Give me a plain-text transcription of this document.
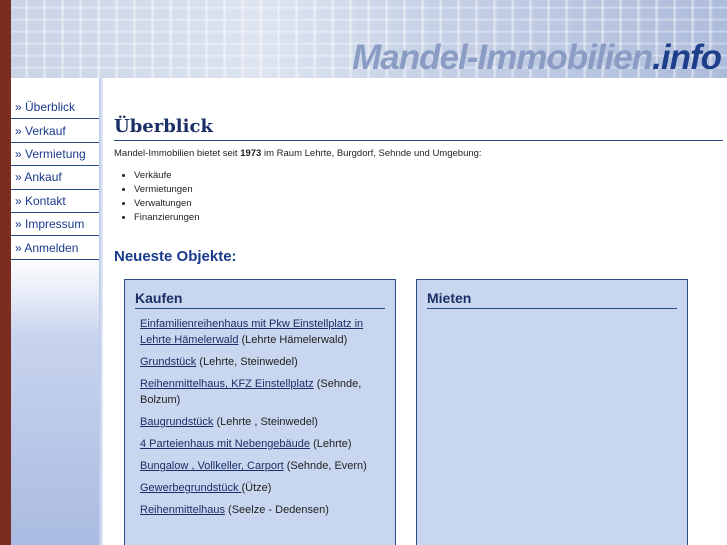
Mandel-Immobilien.info
» Überblick
» Verkauf
» Vermietung
» Ankauf
» Kontakt
» Impressum
» Anmelden
Überblick

Mandel-Immobilien bietet seit 1973 im Raum Lehrte, Burgdorf, Sehnde und Umgebung:

• Verkäufe
• Vermietungen
• Verwaltungen
• Finanzierungen
Neueste Objekte:
Kaufen
Einfamilienreihenhaus mit Pkw Einstellplatz in Lehrte Hämelerwald (Lehrte Hämelerwald)
Grundstück (Lehrte, Steinwedel)
Reihenmittelhaus, KFZ Einstellplatz (Sehnde, Bolzum)
Baugrundstück (Lehrte , Steinwedel)
4 Parteienhaus mit Nebengebäude (Lehrte)
Bungalow , Vollkeller, Carport (Sehnde, Evern)
Gewerbegrundstück (Ütze)
Reihenmittelhaus (Seelze - Dedensen)
Mieten
